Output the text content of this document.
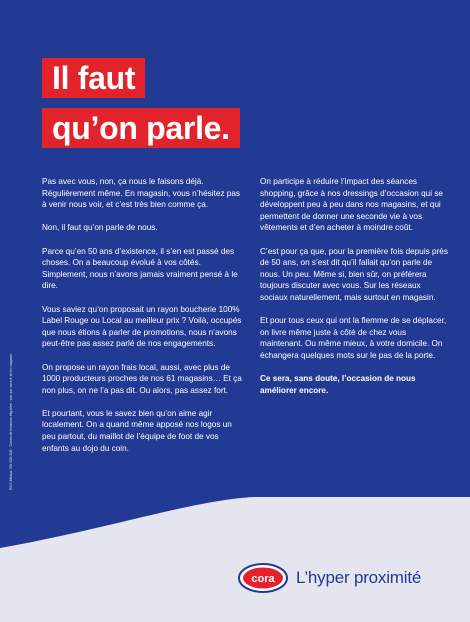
Il faut
qu’on parle.

Pas avec vous, non, ça nous le faisons déjà. Régulièrement même. En magasin, vous n’hésitez pas à venir nous voir, et c’est très bien comme ça.

Non, il faut qu’on parle de nous.

Parce qu’en 50 ans d’existence, il s’en est passé des choses. On a beaucoup évolué à vos côtés. Simplement, nous n’avons jamais vraiment pensé à le dire.

Vous saviez qu’on proposait un rayon boucherie 100% Label Rouge ou Local au meilleur prix ? Voilà, occupés que nous étions à parler de promotions, nous n’avons peut-être pas assez parlé de nos engagements.

On propose un rayon frais local, aussi, avec plus de 1000 producteurs proches de nos 61 magasins… Et ça non plus, on ne l’a pas dit. Ou alors, pas assez fort.

Et pourtant, vous le savez bien qu’on aime agir localement. On a quand même apposé nos logos un peu partout, du maillot de l’équipe de foot de vos enfants au dojo du coin.

On participe à réduire l’impact des séances shopping, grâce à nos dressings d’occasion qui se développent peu à peu dans nos magasins, et qui permettent de donner une seconde vie à vos vêtements et d’en acheter à moindre coût.

C’est pour ça que, pour la première fois depuis près de 50 ans, on s’est dit qu’il fallait qu’on parle de nous. Un peu. Même si, bien sûr, on préférera toujours discuter avec vous. Sur les réseaux sociaux naturellement, mais surtout en magasin.

Et pour tous ceux qui ont la flemme de se déplacer, on livre même juste à côté de chez vous maintenant. Ou même mieux, à votre domicile. On échangera quelques mots sur le pas de la porte.

Ce sera, sans doute, l’occasion de nous améliorer encore.

RCS Meaux 786 920 306 · Zones de livraison éligibles : voir sur cora.fr et en magasin.
cora L’hyper proximité
